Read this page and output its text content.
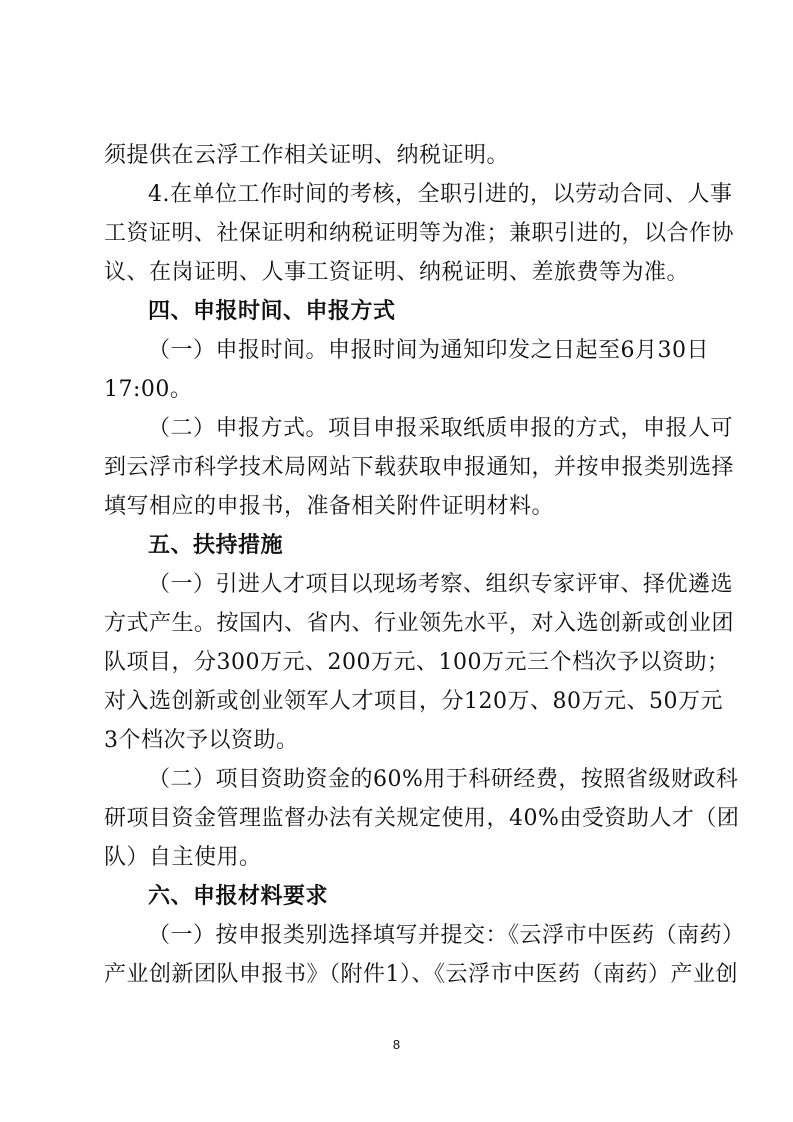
须提供在云浮工作相关证明、纳税证明。
4.在单位工作时间的考核，全职引进的，以劳动合同、人事
工资证明、社保证明和纳税证明等为准；兼职引进的，以合作协
议、在岗证明、人事工资证明、纳税证明、差旅费等为准。
四、申报时间、申报方式
（一）申报时间。申报时间为通知印发之日起至6月30日
17:00。
（二）申报方式。项目申报采取纸质申报的方式，申报人可
到云浮市科学技术局网站下载获取申报通知，并按申报类别选择
填写相应的申报书，准备相关附件证明材料。
五、扶持措施
（一）引进人才项目以现场考察、组织专家评审、择优遴选
方式产生。按国内、省内、行业领先水平，对入选创新或创业团
队项目，分300万元、200万元、100万元三个档次予以资助；
对入选创新或创业领军人才项目，分120万、80万元、50万元
3个档次予以资助。
（二）项目资助资金的60%用于科研经费，按照省级财政科
研项目资金管理监督办法有关规定使用，40%由受资助人才（团
队）自主使用。
六、申报材料要求
（一）按申报类别选择填写并提交：《云浮市中医药（南药）
产业创新团队申报书》（附件1）、《云浮市中医药（南药）产业创
8
